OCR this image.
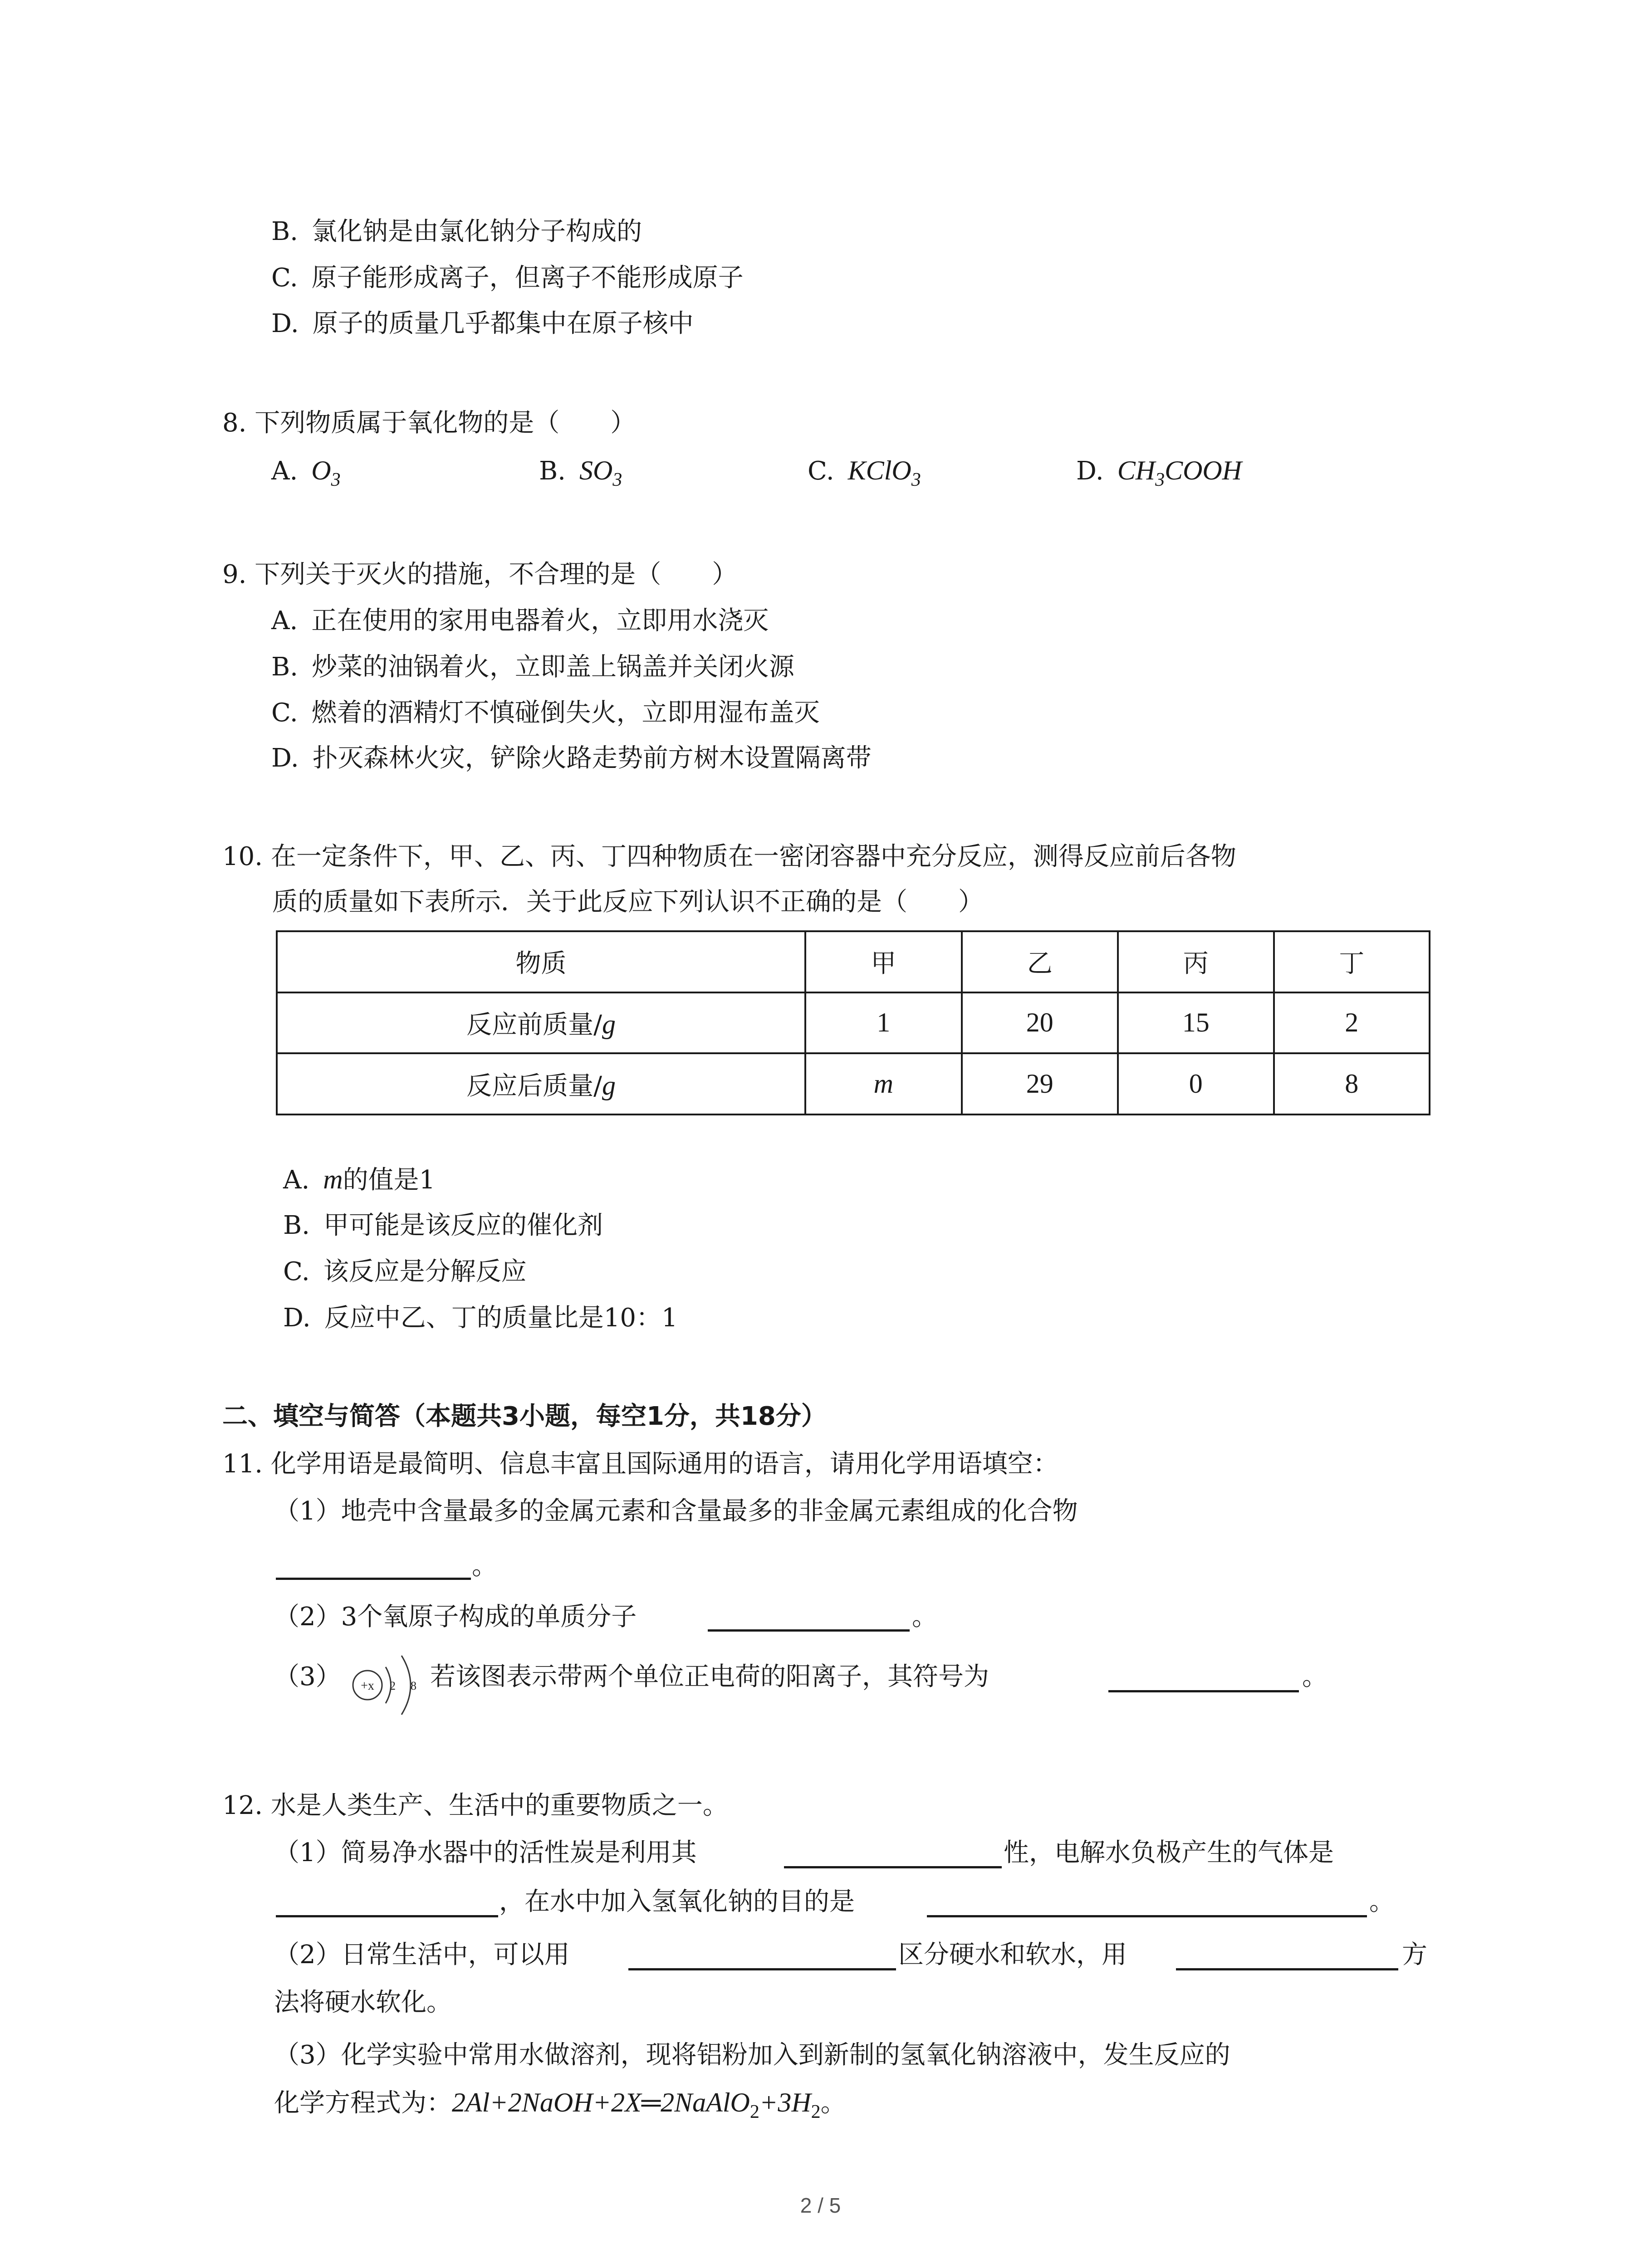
B. 氯化钠是由氯化钠分子构成的
C. 原子能形成离子，但离子不能形成原子
D. 原子的质量几乎都集中在原子核中
8. 下列物质属于氧化物的是（　　）
A. $O_3$	B. $SO_3$	C. KClO$_3$	D. $CH_3COOH$
9. 下列关于灭火的措施，不合理的是（　　）
A. 正在使用的家用电器着火，立即用水浇灭
B. 炒菜的油锅着火，立即盖上锅盖并关闭火源
C. 燃着的酒精灯不慎碰倒失火，立即用湿布盖灭
D. 扑灭森林火灾，铲除火路走势前方树木设置隔离带
10. 在一定条件下，甲、乙、丙、丁四种物质在一密闭容器中充分反应，测得反应前后各物
质的质量如下表所示．关于此反应下列认识不正确的是（　　）
物质	甲	乙	丙	丁
反应前质量/g	1	20	15	2
反应后质量/g	m	29	0	8
A. m的值是1
B. 甲可能是该反应的催化剂
C. 该反应是分解反应
D. 反应中乙、丁的质量比是10：1
二、填空与简答（本题共3小题，每空1分，共18分）
11. 化学用语是最简明、信息丰富且国际通用的语言，请用化学用语填空：
（1）地壳中含量最多的金属元素和含量最多的非金属元素组成的化合物
。
（2）3个氧原子构成的单质分子	。
（3） +x 2 8 若该图表示带两个单位正电荷的阳离子，其符号为	。
12. 水是人类生产、生活中的重要物质之一。
（1）简易净水器中的活性炭是利用其	性，电解水负极产生的气体是
，在水中加入氢氧化钠的目的是	。
（2）日常生活中，可以用	区分硬水和软水，用	方
法将硬水软化。
（3）化学实验中常用水做溶剂，现将铝粉加入到新制的氢氧化钠溶液中，发生反应的
化学方程式为：$2Al+2NaOH+2X═2NaAlO_2+3H_2$。
2 / 5
